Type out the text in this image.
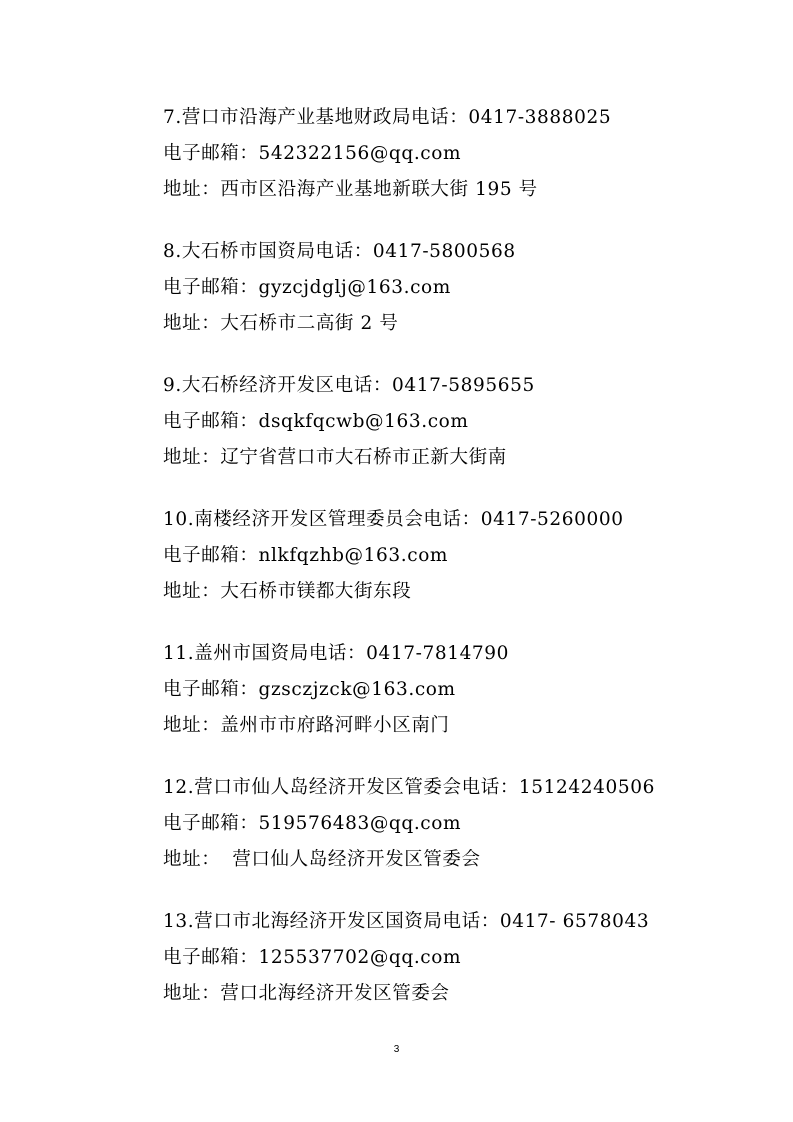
7.营口市沿海产业基地财政局电话：0417-3888025
电子邮箱：542322156@qq.com
地址：西市区沿海产业基地新联大街 195 号
8.大石桥市国资局电话：0417-5800568
电子邮箱：gyzcjdglj@163.com
地址：大石桥市二高街 2 号
9.大石桥经济开发区电话：0417-5895655
电子邮箱：dsqkfqcwb@163.com
地址：辽宁省营口市大石桥市正新大街南
10.南楼经济开发区管理委员会电话：0417-5260000
电子邮箱：nlkfqzhb@163.com
地址：大石桥市镁都大街东段
11.盖州市国资局电话：0417-7814790
电子邮箱：gzsczjzck@163.com
地址：盖州市市府路河畔小区南门
12.营口市仙人岛经济开发区管委会电话：15124240506
电子邮箱：519576483@qq.com
地址： 营口仙人岛经济开发区管委会
13.营口市北海经济开发区国资局电话：0417- 6578043
电子邮箱：125537702@qq.com
地址：营口北海经济开发区管委会
3
